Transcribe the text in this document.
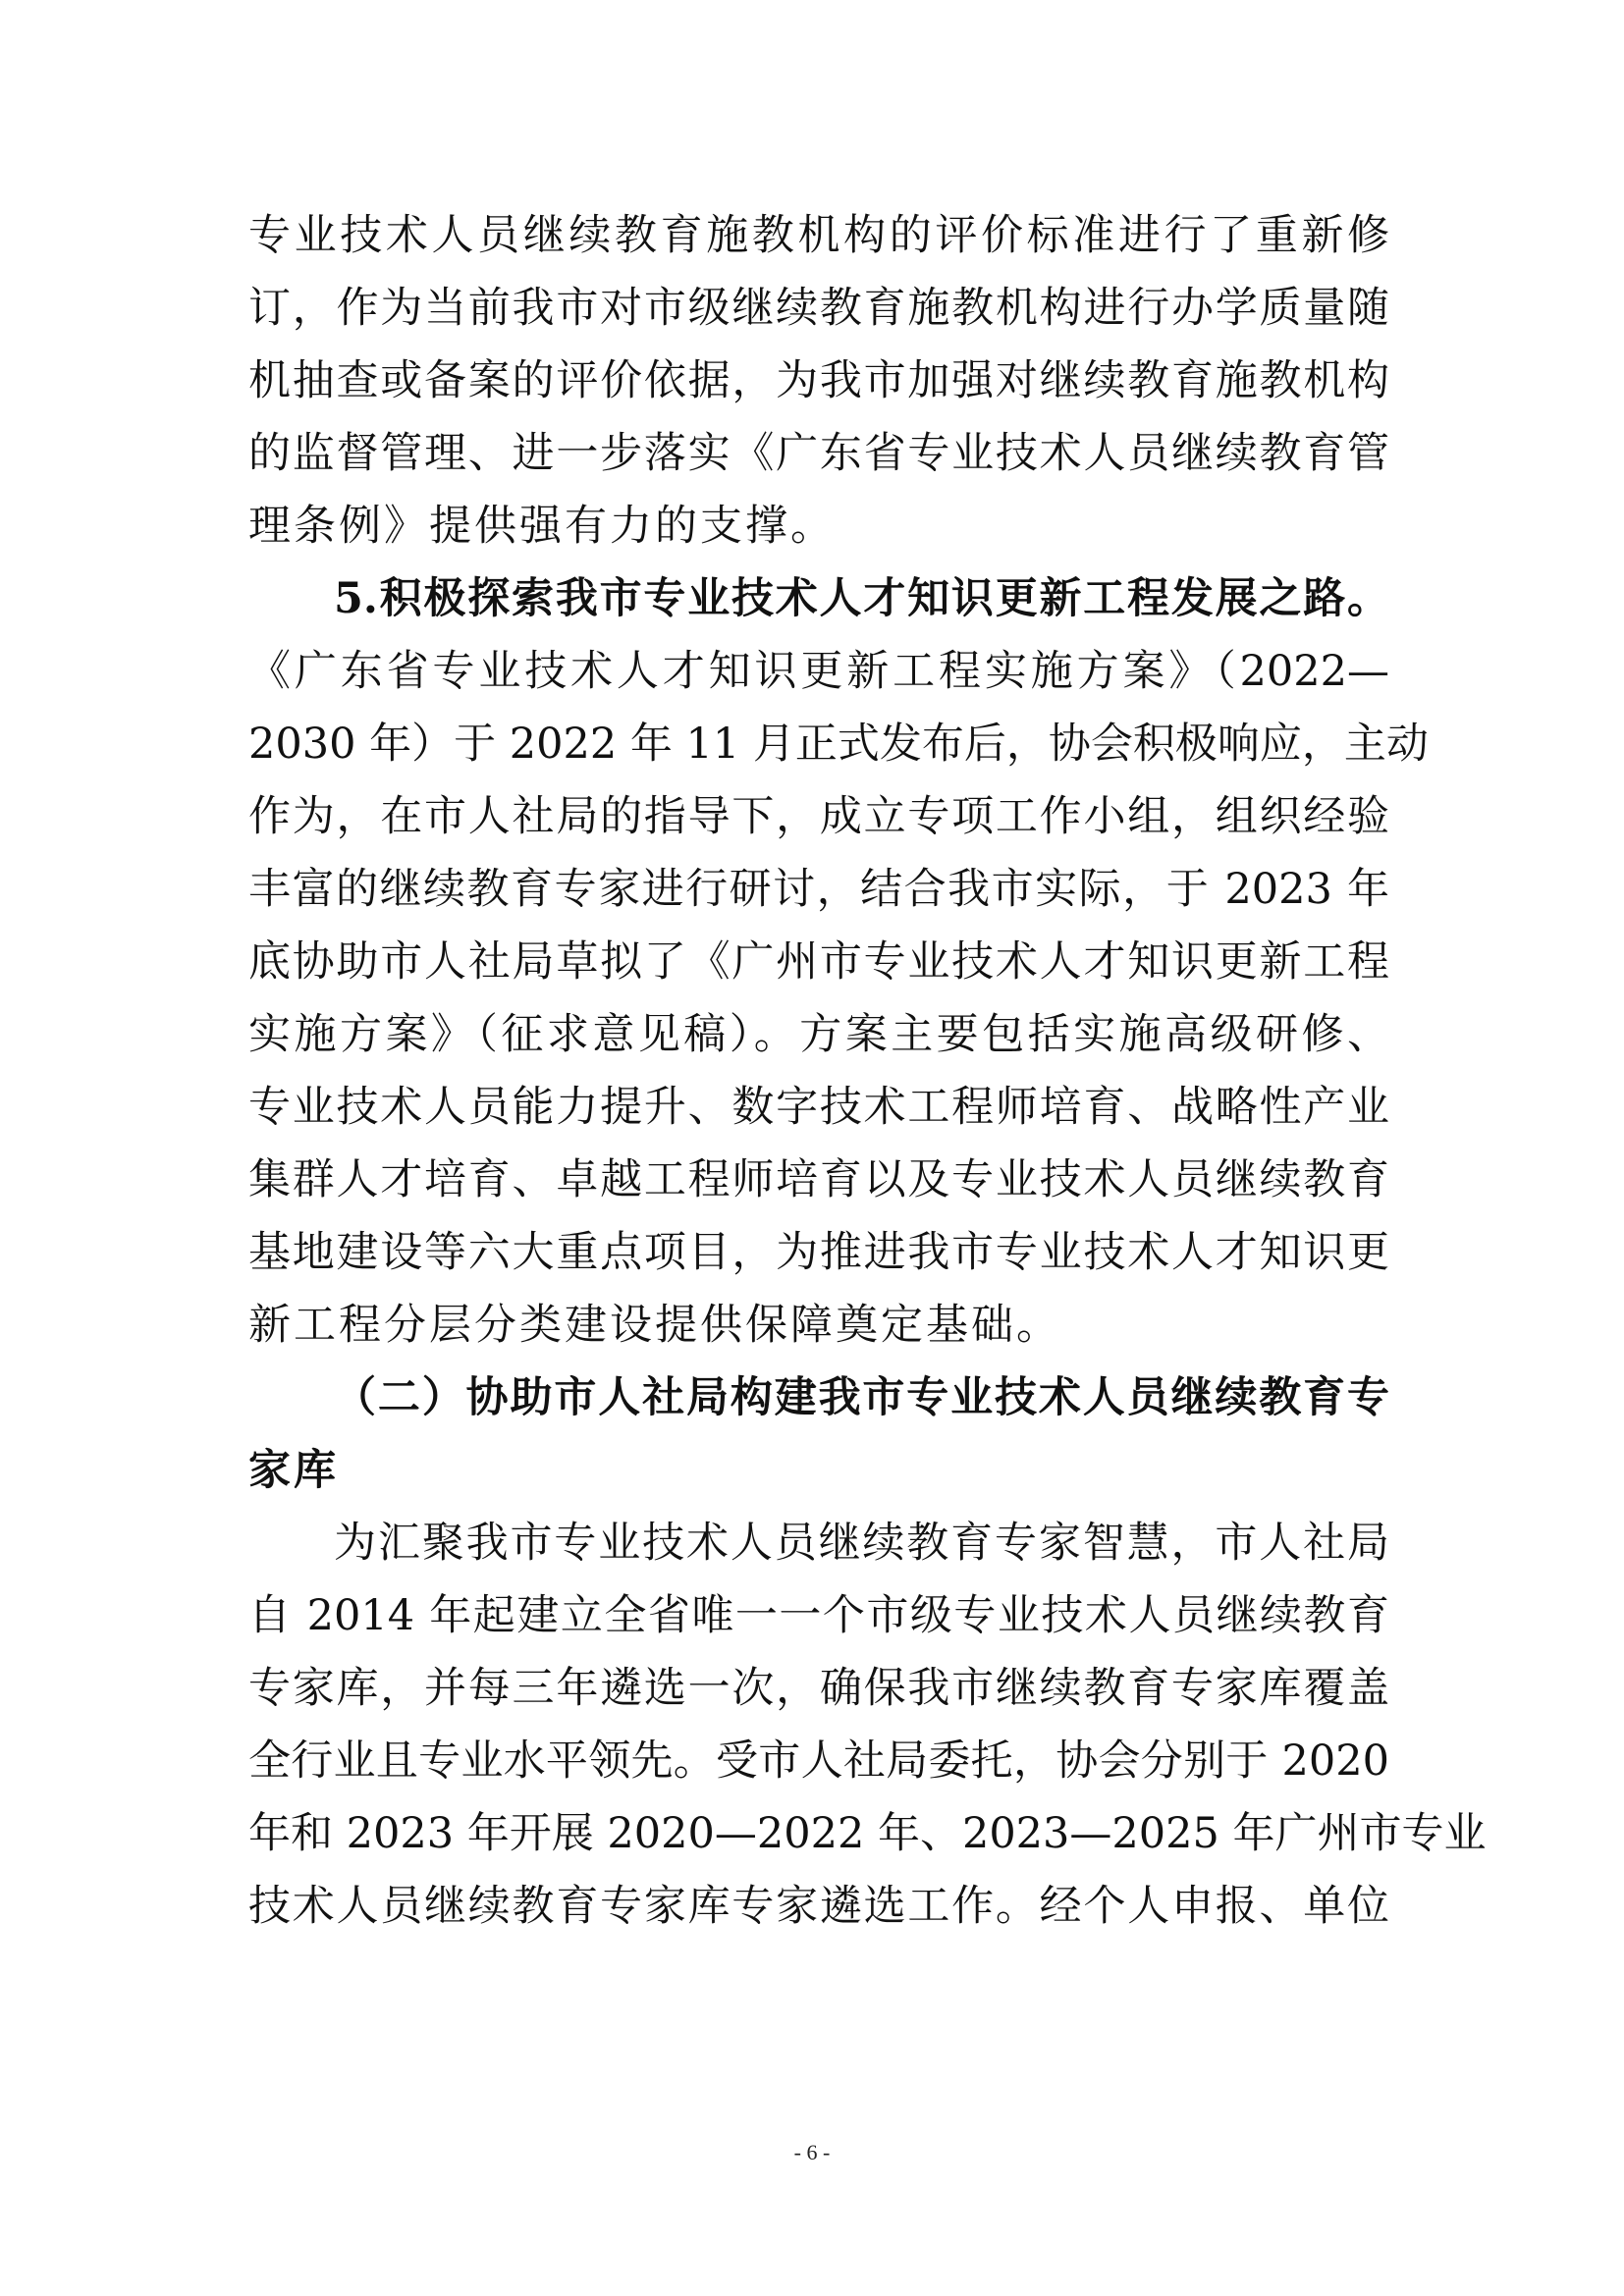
专业技术人员继续教育施教机构的评价标准进行了重新修
订，作为当前我市对市级继续教育施教机构进行办学质量随
机抽查或备案的评价依据，为我市加强对继续教育施教机构
的监督管理、进一步落实《广东省专业技术人员继续教育管
理条例》提供强有力的支撑。
5.积极探索我市专业技术人才知识更新工程发展之路。
《广东省专业技术人才知识更新工程实施方案》（2022—
2030 年）于 2022 年 11 月正式发布后，协会积极响应，主动
作为，在市人社局的指导下，成立专项工作小组，组织经验
丰富的继续教育专家进行研讨，结合我市实际，于 2023 年
底协助市人社局草拟了《广州市专业技术人才知识更新工程
实施方案》（征求意见稿）。方案主要包括实施高级研修、
专业技术人员能力提升、数字技术工程师培育、战略性产业
集群人才培育、卓越工程师培育以及专业技术人员继续教育
基地建设等六大重点项目，为推进我市专业技术人才知识更
新工程分层分类建设提供保障奠定基础。
（二）协助市人社局构建我市专业技术人员继续教育专
家库
为汇聚我市专业技术人员继续教育专家智慧，市人社局
自 2014 年起建立全省唯一一个市级专业技术人员继续教育
专家库，并每三年遴选一次，确保我市继续教育专家库覆盖
全行业且专业水平领先。受市人社局委托，协会分别于 2020
年和 2023 年开展 2020—2022 年、2023—2025 年广州市专业
技术人员继续教育专家库专家遴选工作。经个人申报、单位
- 6 -
